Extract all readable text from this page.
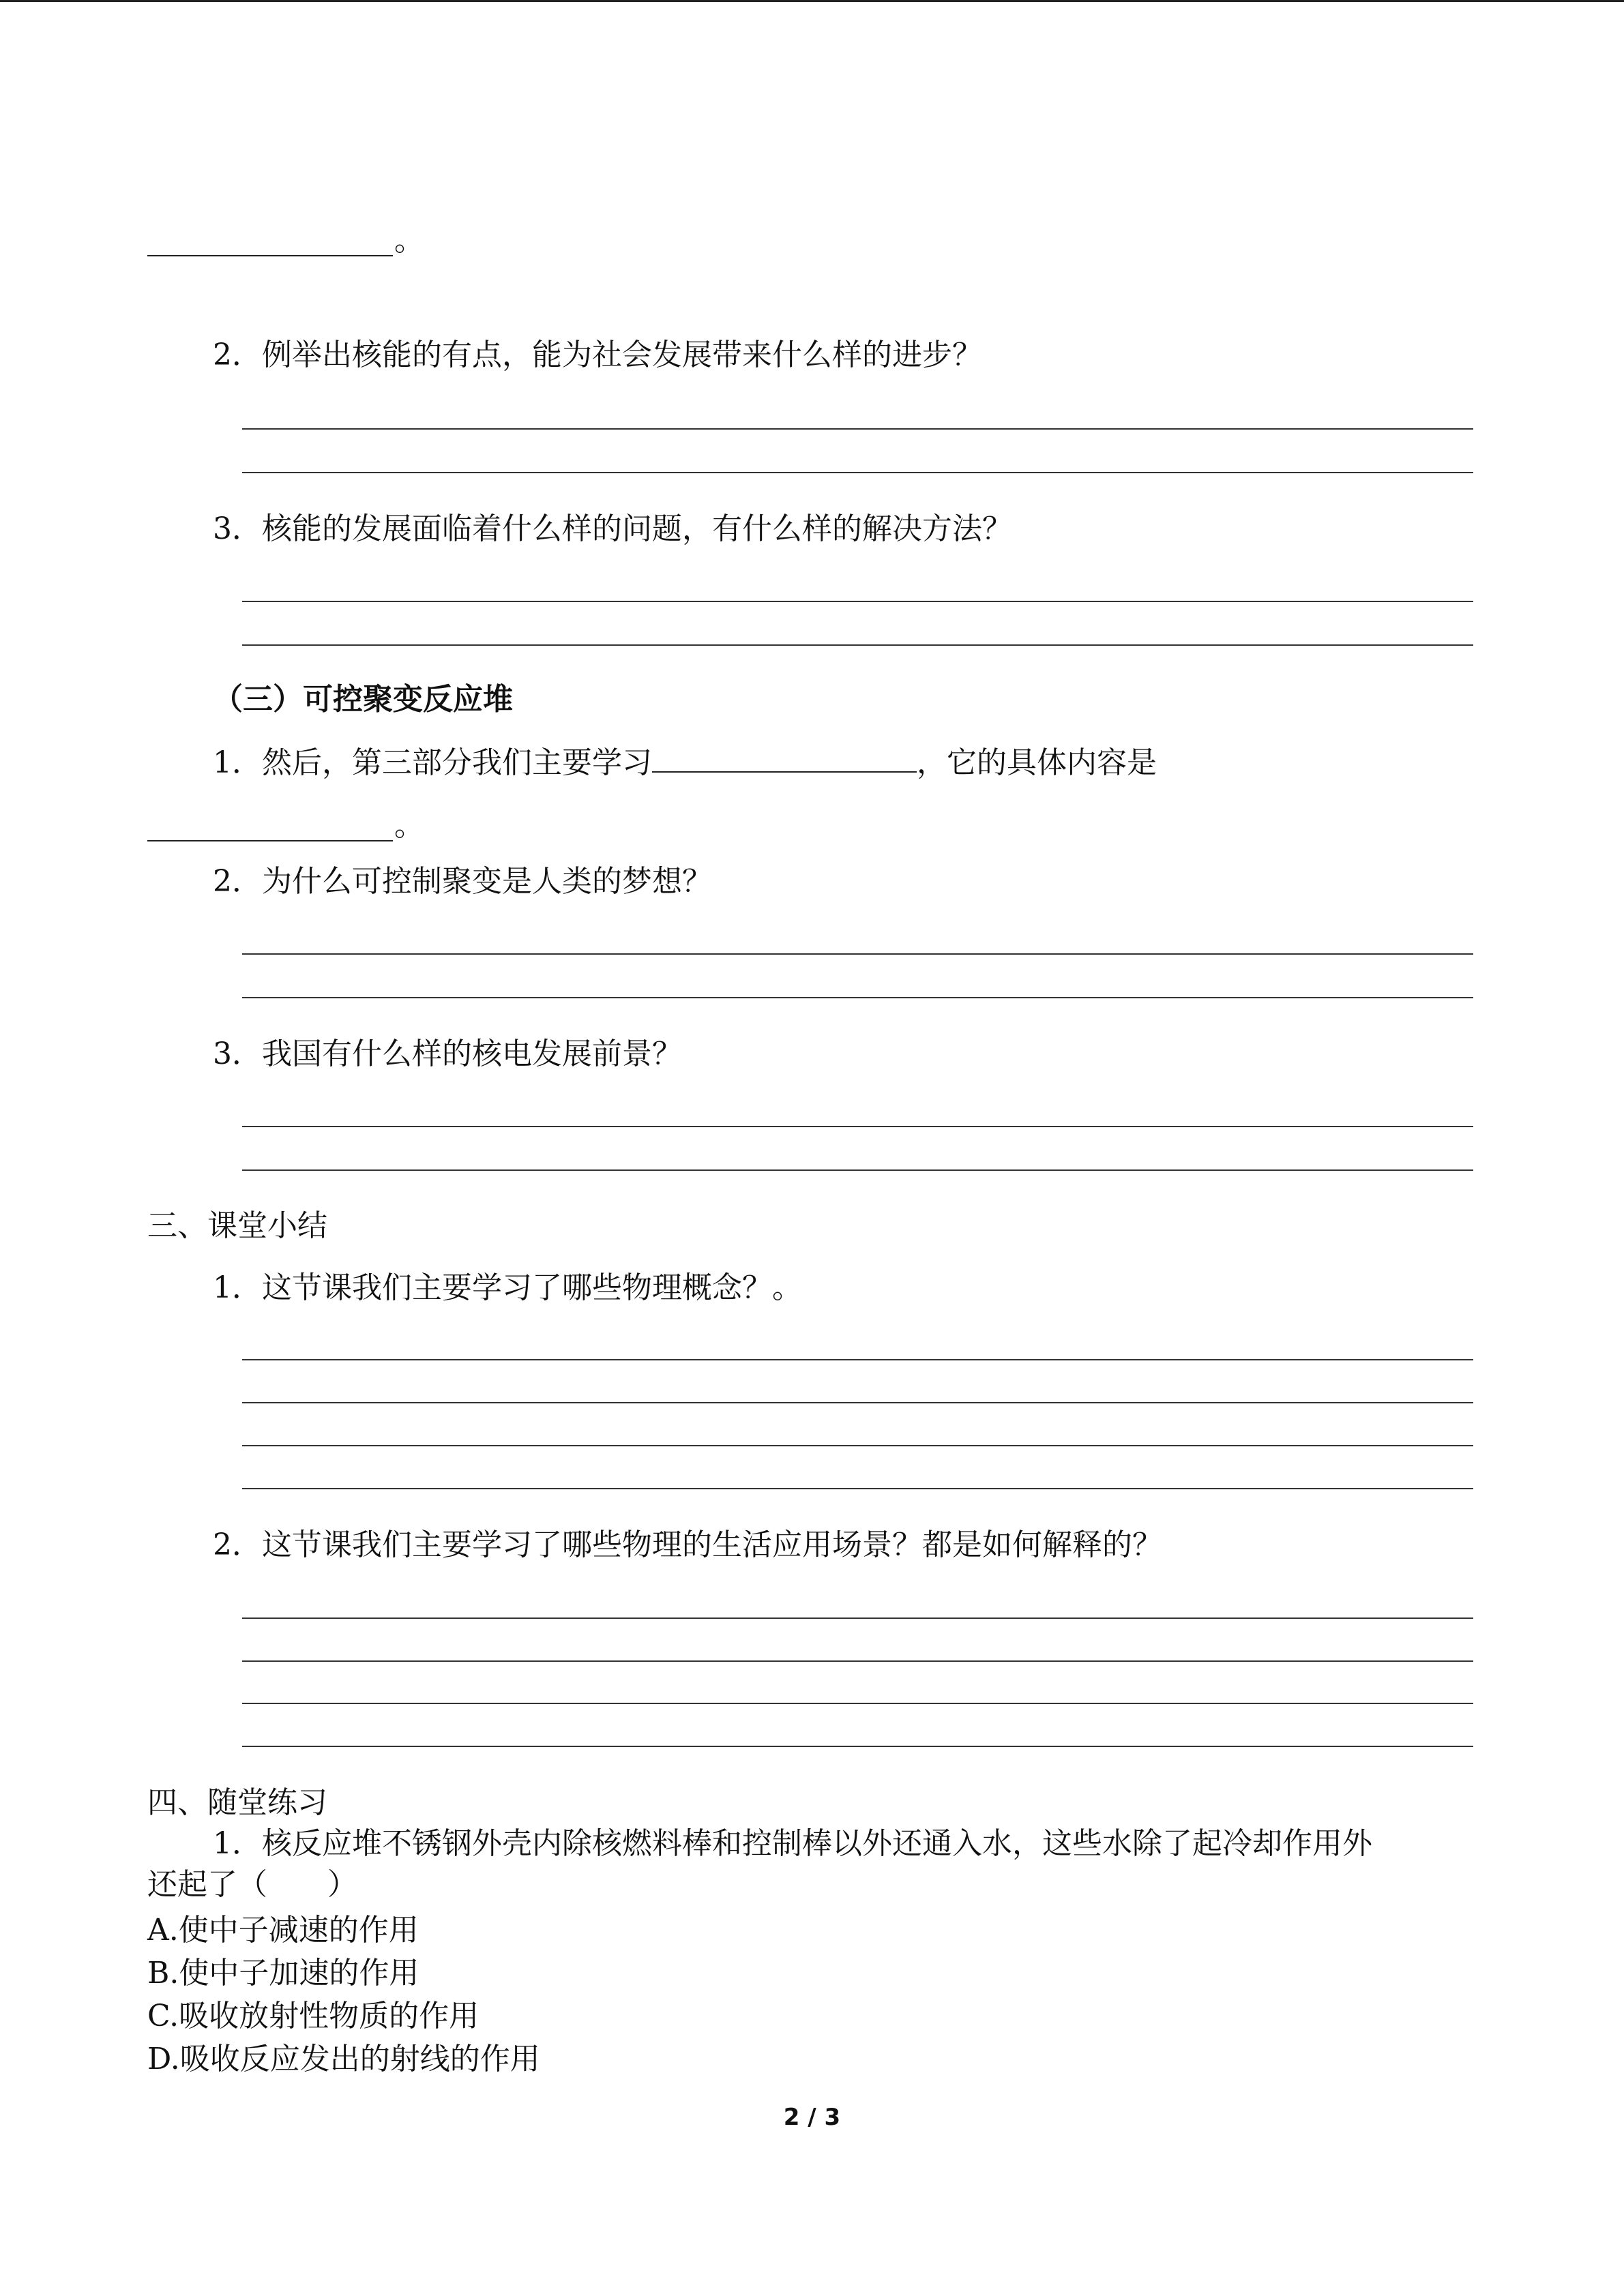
。
2．例举出核能的有点，能为社会发展带来什么样的进步？
3．核能的发展面临着什么样的问题，有什么样的解决方法？
（三）可控聚变反应堆
1．然后，第三部分我们主要学习	，它的具体内容是
。
2．为什么可控制聚变是人类的梦想？
3．我国有什么样的核电发展前景？
三、课堂小结
1．这节课我们主要学习了哪些物理概念？。
2．这节课我们主要学习了哪些物理的生活应用场景？都是如何解释的？
四、随堂练习
1．核反应堆不锈钢外壳内除核燃料棒和控制棒以外还通入水，这些水除了起冷却作用外
还起了（　　）
A.使中子减速的作用
B.使中子加速的作用
C.吸收放射性物质的作用
D.吸收反应发出的射线的作用
2 / 3
